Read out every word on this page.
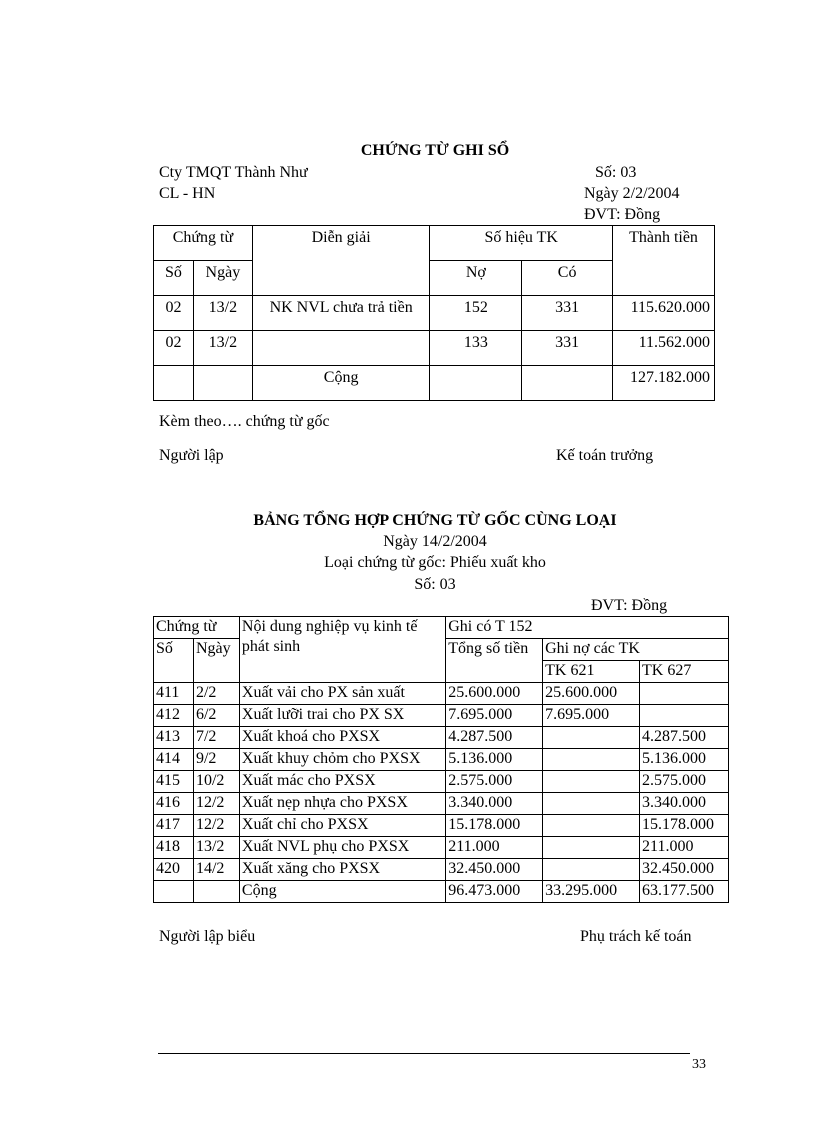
CHỨNG TỪ GHI SỔ
Cty TMQT Thành Như	Số: 03
CL - HN	Ngày 2/2/2004
ĐVT: Đồng
Chứng từ		Diễn giải	Số hiệu TK		Thành tiền
Số	Ngày		Nợ	Có	
02	13/2	NK NVL chưa trả tiền	152	331	115.620.000
02	13/2		133	331	11.562.000
		Cộng			127.182.000
Kèm theo…. chứng từ gốc
Người lập	Kế toán trưởng
BẢNG TỔNG HỢP CHỨNG TỪ GỐC CÙNG LOẠI
Ngày 14/2/2004
Loại chứng từ gốc: Phiếu xuất kho
Số: 03
ĐVT: Đồng
Chứng từ		Nội dung nghiệp vụ kinh tế
phát sinh	Ghi có T 152		
Số	Ngày		Tổng số tiền	Ghi nợ các TK	
				TK 621	TK 627
411	2/2	Xuất vải cho PX sản xuất	25.600.000	25.600.000	
412	6/2	Xuất lưỡi trai cho PX SX	7.695.000	7.695.000	
413	7/2	Xuất khoá cho PXSX	4.287.500		4.287.500
414	9/2	Xuất khuy chỏm cho PXSX	5.136.000		5.136.000
415	10/2	Xuất mác cho PXSX	2.575.000		2.575.000
416	12/2	Xuất nẹp nhựa cho PXSX	3.340.000		3.340.000
417	12/2	Xuất chỉ cho PXSX	15.178.000		15.178.000
418	13/2	Xuất NVL phụ cho PXSX	211.000		211.000
420	14/2	Xuất xăng cho PXSX	32.450.000		32.450.000
		Cộng	96.473.000	33.295.000	63.177.500
Người lập biểu	Phụ trách kế toán
33
